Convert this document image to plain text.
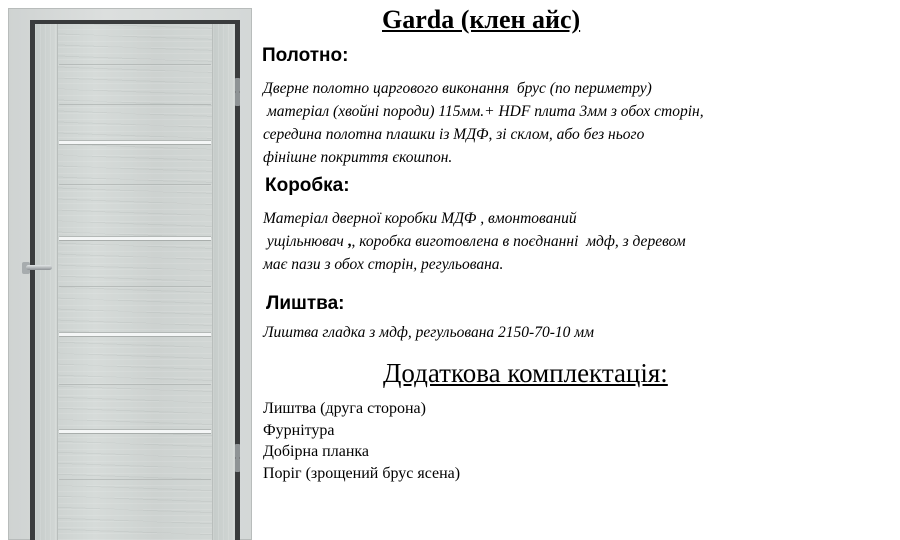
Garda (клен айс)
Полотно:
Дверне полотно царгового виконання  брус (по периметру)
матеріал (хвойні породи) 115мм.+ HDF плита 3мм з обох сторін,
середина полотна плашки із МДФ, зі склом, або без нього
фінішне покриття єкошпон.
Коробка:
Матеріал дверної коробки МДФ , вмонтований
ущільнювач ,, коробка виготовлена в поєднанні  мдф, з деревом
має пази з обох сторін, регульована.
Лиштва:
Лиштва гладка з мдф, регульована 2150-70-10 мм
Додаткова комплектація:
Лиштва (друга сторона)
Фурнітура
Добірна планка
Поріг (зрощений брус ясена)
